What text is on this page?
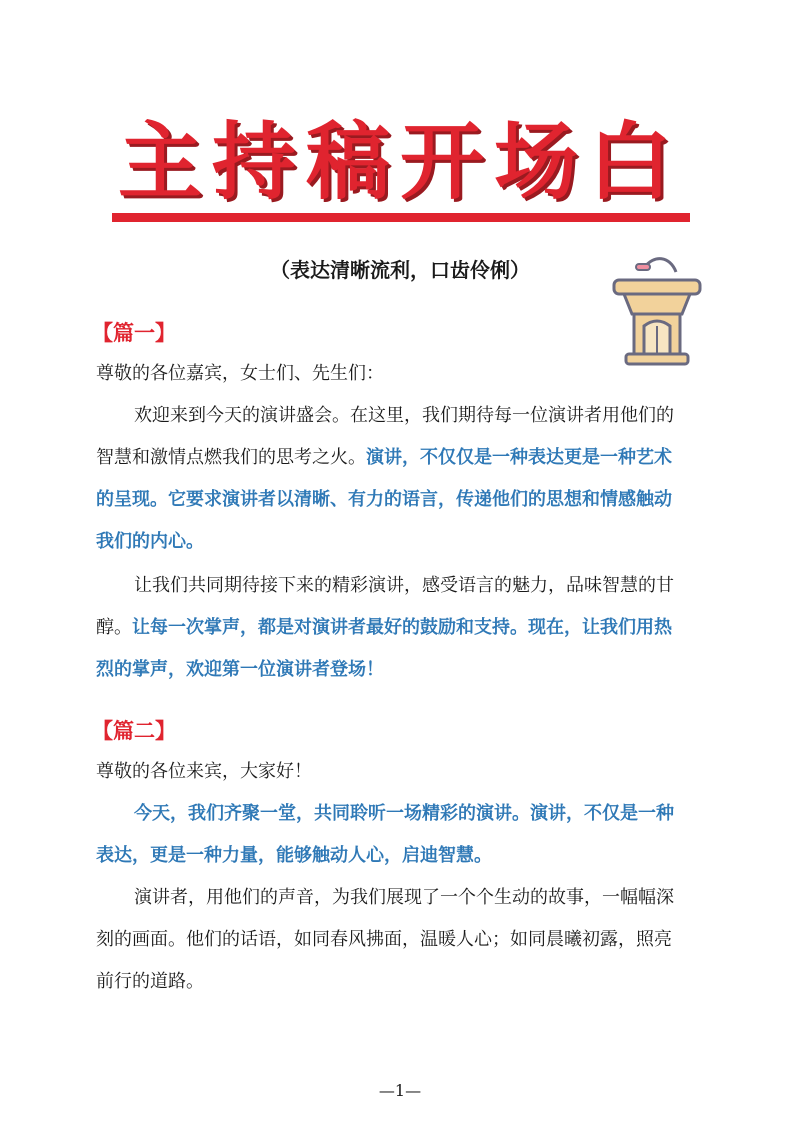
主持稿开场白
（表达清晰流利，口齿伶俐）
【篇一】
尊敬的各位嘉宾，女士们、先生们：
欢迎来到今天的演讲盛会。在这里，我们期待每一位演讲者用他们的
智慧和激情点燃我们的思考之火。演讲，不仅仅是一种表达更是一种艺术
的呈现。它要求演讲者以清晰、有力的语言，传递他们的思想和情感触动
我们的内心。
让我们共同期待接下来的精彩演讲，感受语言的魅力，品味智慧的甘
醇。让每一次掌声，都是对演讲者最好的鼓励和支持。现在，让我们用热
烈的掌声，欢迎第一位演讲者登场！
【篇二】
尊敬的各位来宾，大家好！
今天，我们齐聚一堂，共同聆听一场精彩的演讲。演讲，不仅是一种
表达，更是一种力量，能够触动人心，启迪智慧。
演讲者，用他们的声音，为我们展现了一个个生动的故事，一幅幅深
刻的画面。他们的话语，如同春风拂面，温暖人心；如同晨曦初露，照亮
前行的道路。
—1—
